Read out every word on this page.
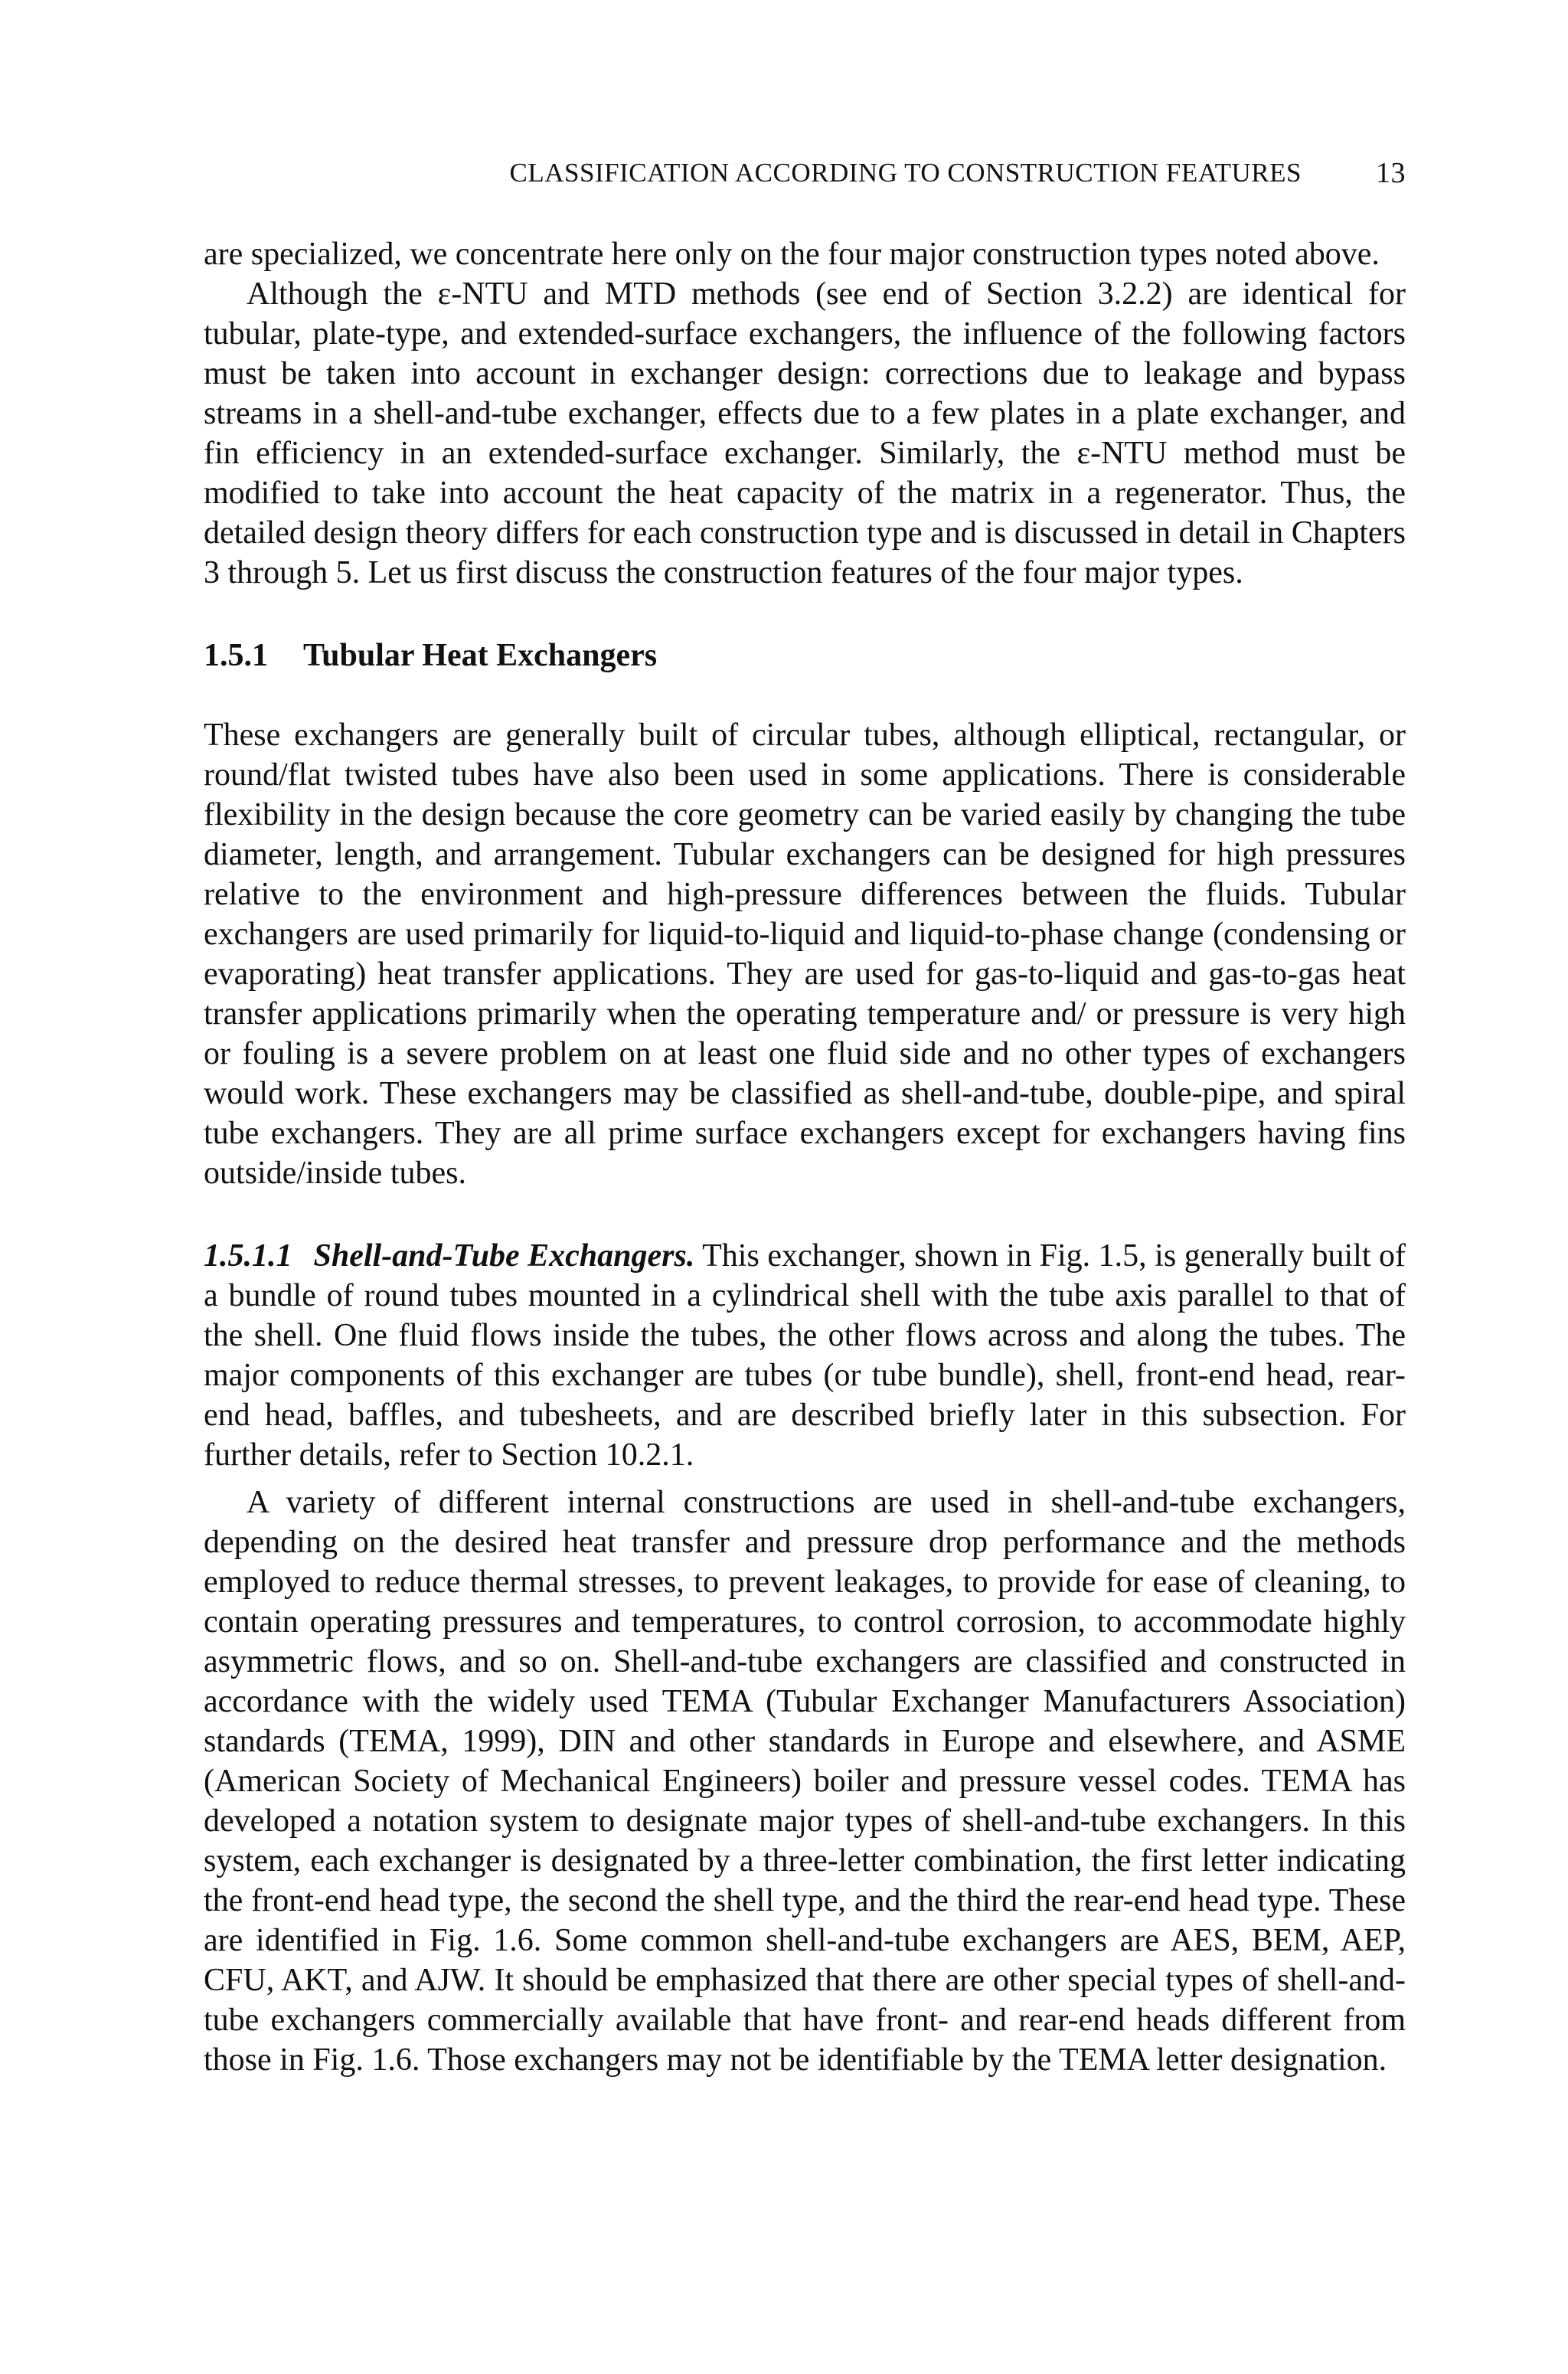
CLASSIFICATION ACCORDING TO CONSTRUCTION FEATURES	13

are specialized, we concentrate here only on the four major construction types noted above.

Although the ε-NTU and MTD methods (see end of Section 3.2.2) are identical for tubular, plate-type, and extended-surface exchangers, the influence of the following factors must be taken into account in exchanger design: corrections due to leakage and bypass streams in a shell-and-tube exchanger, effects due to a few plates in a plate exchanger, and fin efficiency in an extended-surface exchanger. Similarly, the ε-NTU method must be modified to take into account the heat capacity of the matrix in a regenerator. Thus, the detailed design theory differs for each construction type and is discussed in detail in Chapters 3 through 5. Let us first discuss the construction features of the four major types.

1.5.1 Tubular Heat Exchangers

These exchangers are generally built of circular tubes, although elliptical, rectangular, or round/flat twisted tubes have also been used in some applications. There is considerable flexibility in the design because the core geometry can be varied easily by changing the tube diameter, length, and arrangement. Tubular exchangers can be designed for high pressures relative to the environment and high-pressure differences between the fluids. Tubular exchangers are used primarily for liquid-to-liquid and liquid-to-phase change (condensing or evaporating) heat transfer applications. They are used for gas-to-liquid and gas-to-gas heat transfer applications primarily when the operating temperature and/ or pressure is very high or fouling is a severe problem on at least one fluid side and no other types of exchangers would work. These exchangers may be classified as shell-and-tube, double-pipe, and spiral tube exchangers. They are all prime surface exchangers except for exchangers having fins outside/inside tubes.

1.5.1.1 Shell-and-Tube Exchangers. This exchanger, shown in Fig. 1.5, is generally built of a bundle of round tubes mounted in a cylindrical shell with the tube axis parallel to that of the shell. One fluid flows inside the tubes, the other flows across and along the tubes. The major components of this exchanger are tubes (or tube bundle), shell, front-end head, rear-end head, baffles, and tubesheets, and are described briefly later in this subsection. For further details, refer to Section 10.2.1.

A variety of different internal constructions are used in shell-and-tube exchangers, depending on the desired heat transfer and pressure drop performance and the methods employed to reduce thermal stresses, to prevent leakages, to provide for ease of cleaning, to contain operating pressures and temperatures, to control corrosion, to accommodate highly asymmetric flows, and so on. Shell-and-tube exchangers are classified and constructed in accordance with the widely used TEMA (Tubular Exchanger Manufacturers Association) standards (TEMA, 1999), DIN and other standards in Europe and elsewhere, and ASME (American Society of Mechanical Engineers) boiler and pressure vessel codes. TEMA has developed a notation system to designate major types of shell-and-tube exchangers. In this system, each exchanger is designated by a three-letter combination, the first letter indicating the front-end head type, the second the shell type, and the third the rear-end head type. These are identified in Fig. 1.6. Some common shell-and-tube exchangers are AES, BEM, AEP, CFU, AKT, and AJW. It should be emphasized that there are other special types of shell-and-tube exchangers commercially available that have front- and rear-end heads different from those in Fig. 1.6. Those exchangers may not be identifiable by the TEMA letter designation.
